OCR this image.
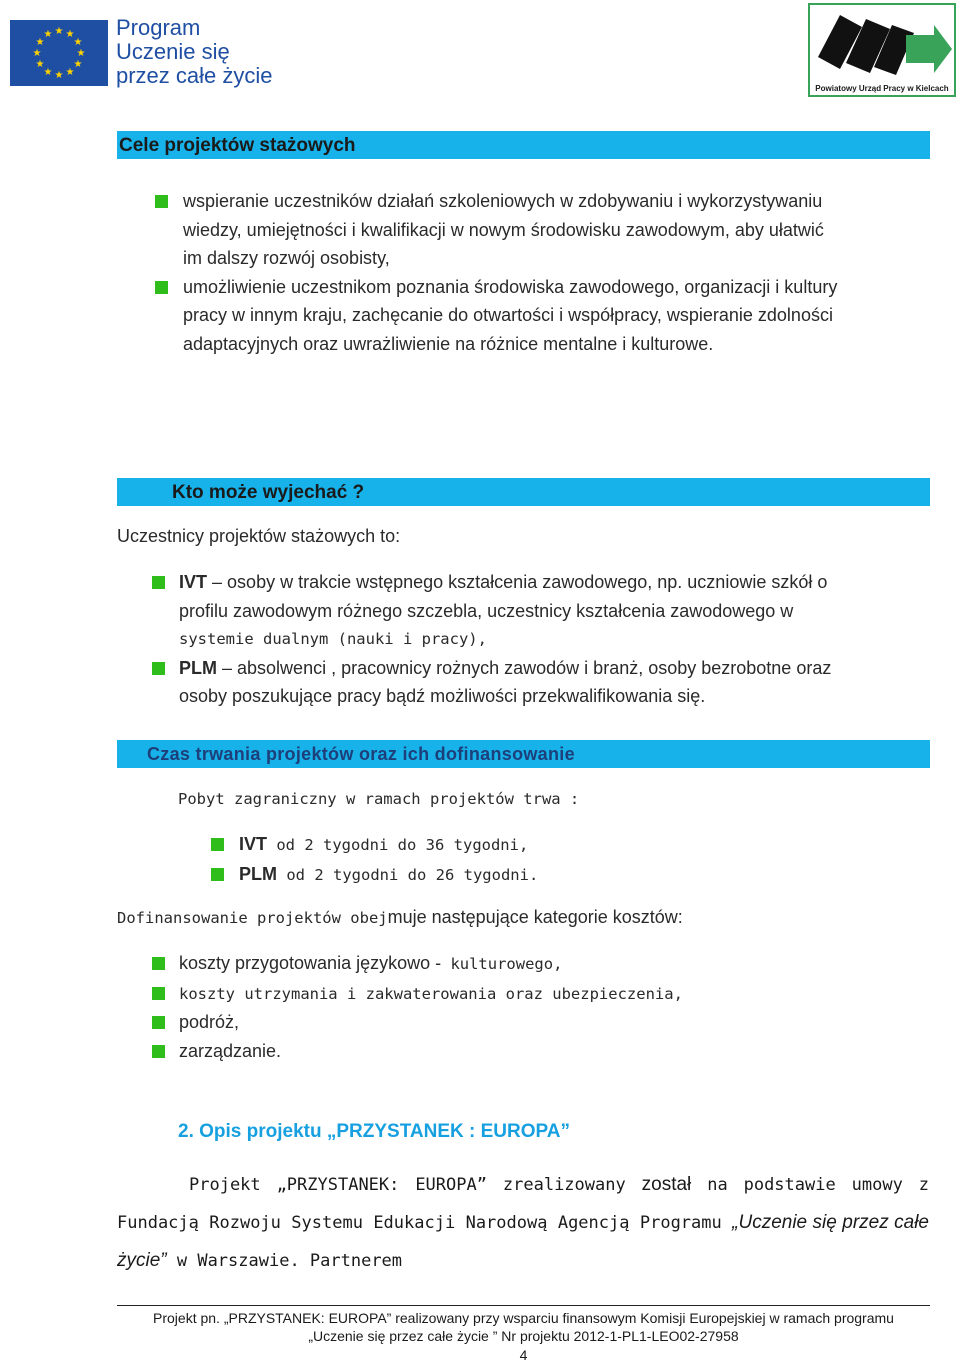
★ ★
★
★
★
★
★
★
★
★
★
★	Program
Uczenie się
przez całe życie
Powiatowy Urząd Pracy w Kielcach
Cele projektów stażowych
wspieranie uczestników działań szkoleniowych w zdobywaniu i wykorzystywaniu
wiedzy, umiejętności i kwalifikacji w nowym środowisku zawodowym, aby ułatwić
im dalszy rozwój osobisty,
umożliwienie uczestnikom poznania środowiska zawodowego, organizacji i kultury
pracy w innym kraju, zachęcanie do otwartości i współpracy, wspieranie zdolności
adaptacyjnych oraz uwrażliwienie na różnice mentalne i kulturowe.
Kto może wyjechać ?
Uczestnicy projektów stażowych to:
IVT – osoby w trakcie wstępnego kształcenia zawodowego, np. uczniowie szkół o
profilu zawodowym różnego szczebla, uczestnicy kształcenia zawodowego w
systemie dualnym (nauki i pracy),
PLM – absolwenci , pracownicy rożnych zawodów i branż, osoby bezrobotne oraz
osoby poszukujące pracy bądź możliwości przekwalifikowania się.
Czas trwania projektów oraz ich dofinansowanie
Pobyt zagraniczny w ramach projektów trwa :
IVT od 2 tygodni do 36 tygodni,
PLM od 2 tygodni do 26 tygodni.
Dofinansowanie projektów obejmuje następujące kategorie kosztów:
koszty przygotowania językowo - kulturowego,
koszty utrzymania i zakwaterowania oraz ubezpieczenia,
podróż,
zarządzanie.
2. Opis projektu „PRZYSTANEK : EUROPA”
Projekt „PRZYSTANEK: EUROPA” zrealizowany został na podstawie umowy z Fundacją Rozwoju Systemu Edukacji Narodową Agencją Programu „Uczenie się przez całe życie” w Warszawie. Partnerem
Projekt pn. „PRZYSTANEK: EUROPA” realizowany przy wsparciu finansowym Komisji Europejskiej w ramach programu
„Uczenie się przez całe życie ” Nr projektu 2012-1-PL1-LEO02-27958
4
